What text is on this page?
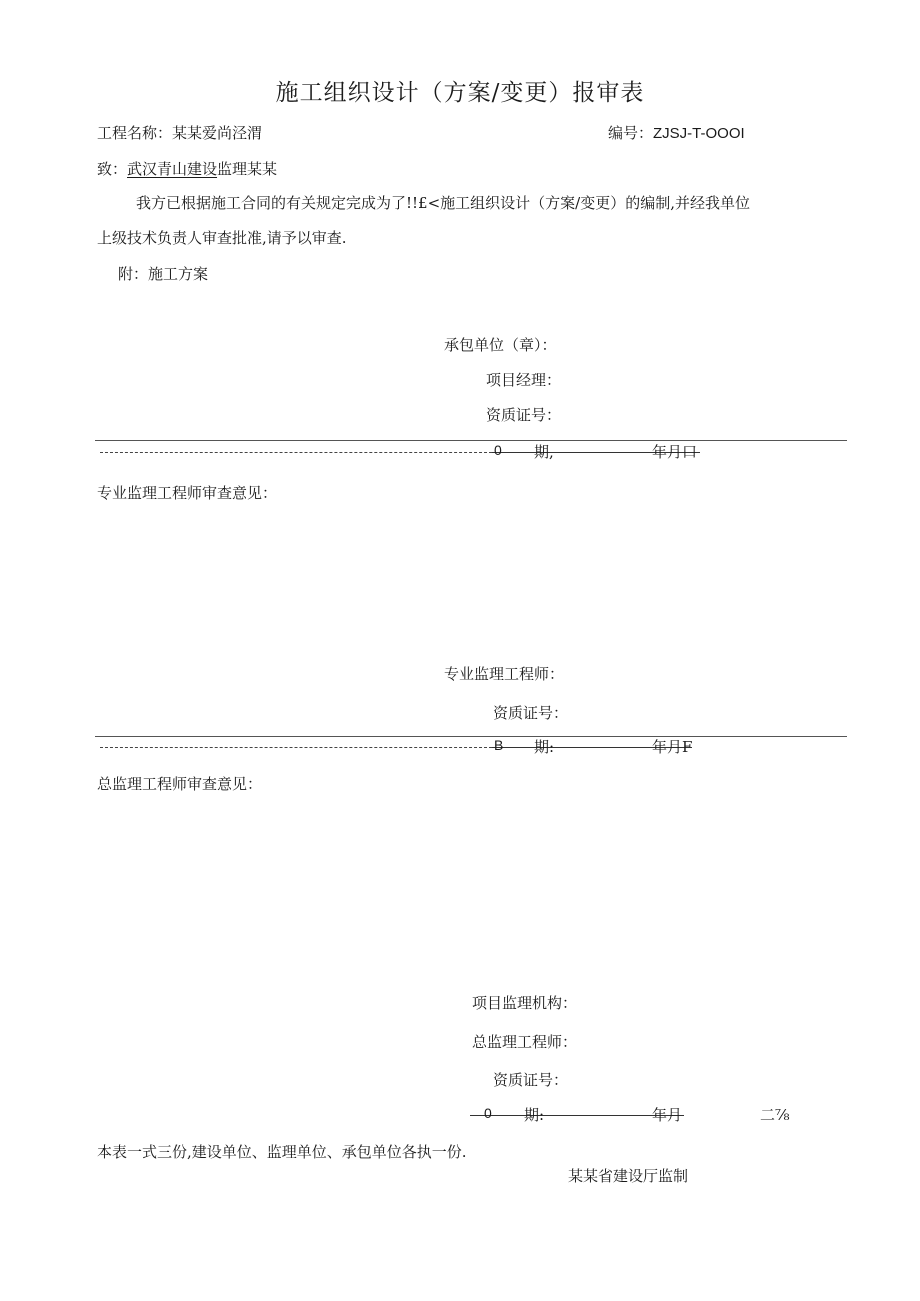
施工组织设计（方案/变更）报审表
工程名称：某某爱尚泾渭	编号：ZJSJ-T-OOOI
致：武汉青山建设监理某某
我方已根据施工合同的有关规定完成为了!!£<施工组织设计（方案/变更）的编制,并经我单位
上级技术负责人审查批准,请予以审查.
附：施工方案
承包单位（章）：
项目经理：
资质证号：
0 期,	年月口
专业监理工程师审查意见：
专业监理工程师：
资质证号：
B 期:	年月F
总监理工程师审查意见：
项目监理机构：
总监理工程师：
资质证号：
0 期:	年月	二⅞
本表一式三份,建设单位、监理单位、承包单位各执一份.
某某省建设厅监制
